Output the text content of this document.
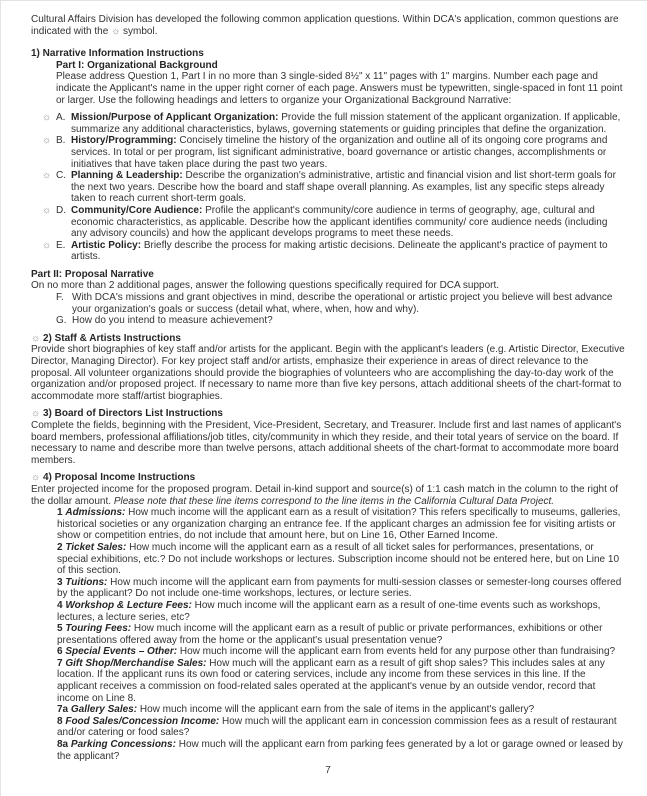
Cultural Affairs Division has developed the following common application questions. Within DCA's application, common questions are indicated with the ☼ symbol.

1) Narrative Information Instructions
Part I: Organizational Background
Please address Question 1, Part I in no more than 3 single-sided 8½" x 11" pages with 1" margins. Number each page and indicate the Applicant's name in the upper right corner of each page. Answers must be typewritten, single-spaced in font 11 point or larger. Use the following headings and letters to organize your Organizational Background Narrative:
☼ A. Mission/Purpose of Applicant Organization: Provide the full mission statement of the applicant organization. If applicable, summarize any additional characteristics, bylaws, governing statements or guiding principles that define the organization.
☼ B. History/Programming: Concisely timeline the history of the organization and outline all of its ongoing core programs and services. In total or per program, list significant administrative, board governance or artistic changes, accomplishments or initiatives that have taken place during the past two years.
☼ C. Planning & Leadership: Describe the organization's administrative, artistic and financial vision and list short-term goals for the next two years. Describe how the board and staff shape overall planning. As examples, list any specific steps already taken to reach current short-term goals.
☼ D. Community/Core Audience: Profile the applicant's community/core audience in terms of geography, age, cultural and economic characteristics, as applicable. Describe how the applicant identifies community/ core audience needs (including any advisory councils) and how the applicant develops programs to meet these needs.
☼ E. Artistic Policy: Briefly describe the process for making artistic decisions. Delineate the applicant's practice of payment to artists.
Part II: Proposal Narrative
On no more than 2 additional pages, answer the following questions specifically required for DCA support.
F. With DCA's missions and grant objectives in mind, describe the operational or artistic project you believe will best advance your organization's goals or success (detail what, where, when, how and why).
G. How do you intend to measure achievement?
☼ 2) Staff & Artists Instructions
Provide short biographies of key staff and/or artists for the applicant. Begin with the applicant's leaders (e.g. Artistic Director, Executive Director, Managing Director). For key project staff and/or artists, emphasize their experience in areas of direct relevance to the proposal. All volunteer organizations should provide the biographies of volunteers who are accomplishing the day-to-day work of the organization and/or proposed project. If necessary to name more than five key persons, attach additional sheets of the chart-format to accommodate more staff/artist biographies.
☼ 3) Board of Directors List Instructions
Complete the fields, beginning with the President, Vice-President, Secretary, and Treasurer. Include first and last names of applicant's board members, professional affiliations/job titles, city/community in which they reside, and their total years of service on the board. If necessary to name and describe more than twelve persons, attach additional sheets of the chart-format to accommodate more board members.
☼ 4) Proposal Income Instructions
Enter projected income for the proposed program. Detail in-kind support and source(s) of 1:1 cash match in the column to the right of the dollar amount. Please note that these line items correspond to the line items in the California Cultural Data Project.
1 Admissions: How much income will the applicant earn as a result of visitation? This refers specifically to museums, galleries, historical societies or any organization charging an entrance fee. If the applicant charges an admission fee for visiting artists or show or competition entries, do not include that amount here, but on Line 16, Other Earned Income.
2 Ticket Sales: How much income will the applicant earn as a result of all ticket sales for performances, presentations, or special exhibitions, etc.? Do not include workshops or lectures. Subscription income should not be entered here, but on Line 10 of this section.
3 Tuitions: How much income will the applicant earn from payments for multi-session classes or semester-long courses offered by the applicant? Do not include one-time workshops, lectures, or lecture series.
4 Workshop & Lecture Fees: How much income will the applicant earn as a result of one-time events such as workshops, lectures, a lecture series, etc?
5 Touring Fees: How much income will the applicant earn as a result of public or private performances, exhibitions or other presentations offered away from the home or the applicant's usual presentation venue?
6 Special Events – Other: How much income will the applicant earn from events held for any purpose other than fundraising?
7 Gift Shop/Merchandise Sales: How much will the applicant earn as a result of gift shop sales? This includes sales at any location. If the applicant runs its own food or catering services, include any income from these services in this line. If the applicant receives a commission on food-related sales operated at the applicant's venue by an outside vendor, record that income on Line 8.
7a Gallery Sales: How much income will the applicant earn from the sale of items in the applicant's gallery?
8 Food Sales/Concession Income: How much will the applicant earn in concession commission fees as a result of restaurant and/or catering or food sales?
8a Parking Concessions: How much will the applicant earn from parking fees generated by a lot or garage owned or leased by the applicant?
7
